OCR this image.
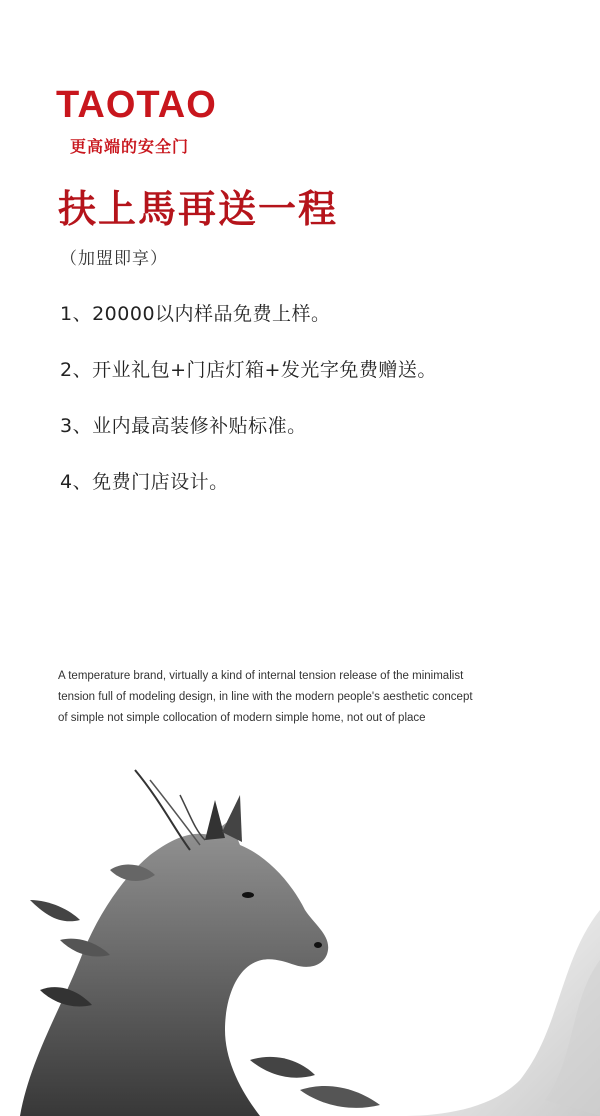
TAOTAO
更高端的安全门
扶上馬再送一程
（加盟即享）
1、20000以内样品免费上样。
2、开业礼包+门店灯箱+发光字免费赠送。
3、业内最高装修补贴标准。
4、免费门店设计。
A temperature brand, virtually a kind of internal tension release of the minimalist
tension full of modeling design, in line with the modern people's aesthetic concept
of simple not simple collocation of modern simple home, not out of place
